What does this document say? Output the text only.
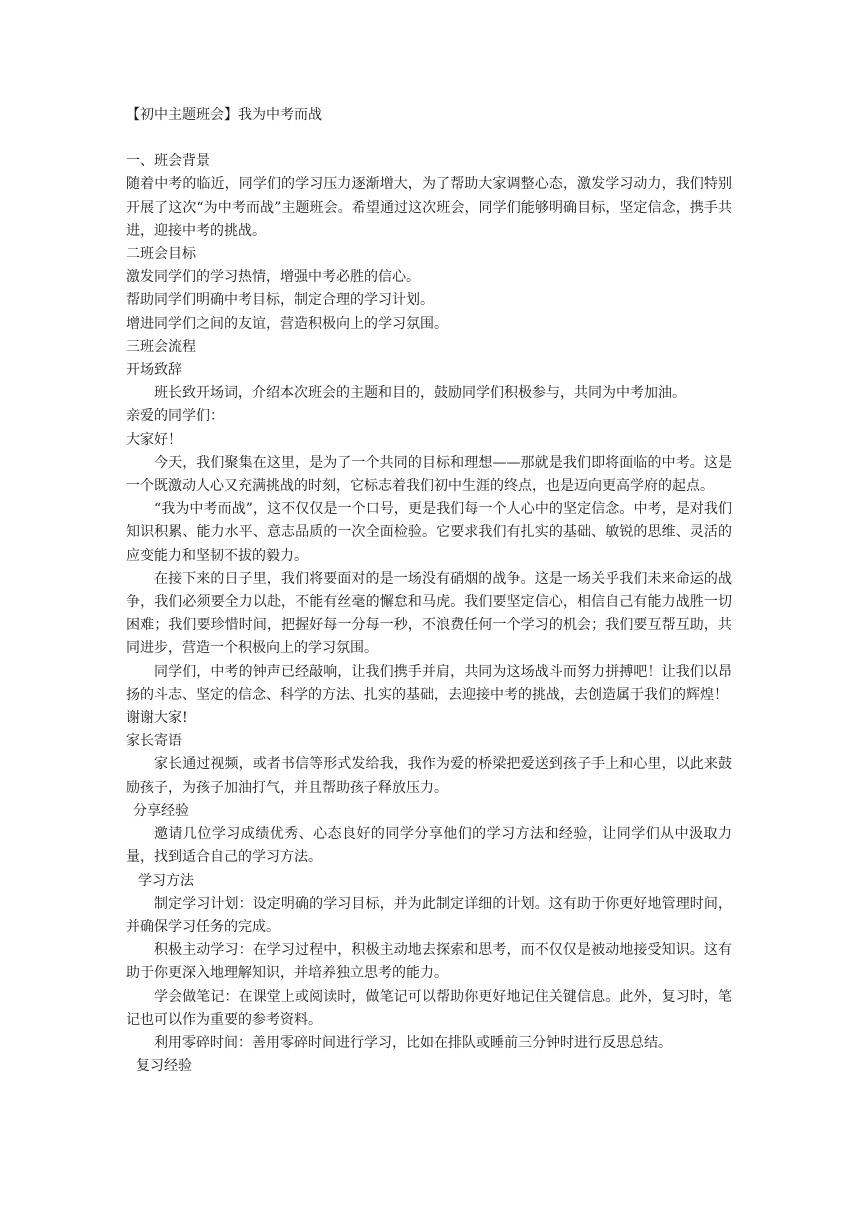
【初中主题班会】我为中考而战

一、班会背景

随着中考的临近，同学们的学习压力逐渐增大，为了帮助大家调整心态，激发学习动力，我们特别开展了这次“为中考而战”主题班会。希望通过这次班会，同学们能够明确目标，坚定信念，携手共进，迎接中考的挑战。

二班会目标

激发同学们的学习热情，增强中考必胜的信心。

帮助同学们明确中考目标，制定合理的学习计划。

增进同学们之间的友谊，营造积极向上的学习氛围。

三班会流程

开场致辞

班长致开场词，介绍本次班会的主题和目的，鼓励同学们积极参与，共同为中考加油。

亲爱的同学们：

大家好！

今天，我们聚集在这里，是为了一个共同的目标和理想——那就是我们即将面临的中考。这是一个既激动人心又充满挑战的时刻，它标志着我们初中生涯的终点，也是迈向更高学府的起点。

“我为中考而战”，这不仅仅是一个口号，更是我们每一个人心中的坚定信念。中考，是对我们知识积累、能力水平、意志品质的一次全面检验。它要求我们有扎实的基础、敏锐的思维、灵活的应变能力和坚韧不拔的毅力。

在接下来的日子里，我们将要面对的是一场没有硝烟的战争。这是一场关乎我们未来命运的战争，我们必须要全力以赴，不能有丝毫的懈怠和马虎。我们要坚定信心，相信自己有能力战胜一切困难；我们要珍惜时间，把握好每一分每一秒，不浪费任何一个学习的机会；我们要互帮互助，共同进步，营造一个积极向上的学习氛围。

同学们，中考的钟声已经敲响，让我们携手并肩，共同为这场战斗而努力拼搏吧！让我们以昂扬的斗志、坚定的信念、科学的方法、扎实的基础，去迎接中考的挑战，去创造属于我们的辉煌！

谢谢大家!

家长寄语

家长通过视频，或者书信等形式发给我，我作为爱的桥梁把爱送到孩子手上和心里，以此来鼓励孩子，为孩子加油打气，并且帮助孩子释放压力。

分享经验

邀请几位学习成绩优秀、心态良好的同学分享他们的学习方法和经验，让同学们从中汲取力量，找到适合自己的学习方法。

学习方法

制定学习计划：设定明确的学习目标，并为此制定详细的计划。这有助于你更好地管理时间，并确保学习任务的完成。

积极主动学习：在学习过程中，积极主动地去探索和思考，而不仅仅是被动地接受知识。这有助于你更深入地理解知识，并培养独立思考的能力。

学会做笔记：在课堂上或阅读时，做笔记可以帮助你更好地记住关键信息。此外，复习时，笔记也可以作为重要的参考资料。

利用零碎时间：善用零碎时间进行学习，比如在排队或睡前三分钟时进行反思总结。

复习经验
